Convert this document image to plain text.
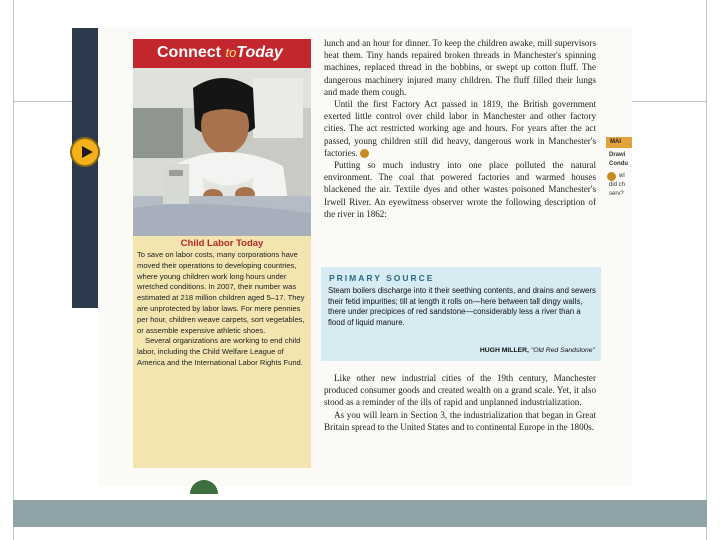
Connect toToday
Child Labor Today
To save on labor costs, many corporations have moved their operations to developing countries, where young children work long hours under wretched conditions. In 2007, their number was estimated at 218 million children aged 5–17. They are unprotected by labor laws. For mere pennies per hour, children weave carpets, sort vegetables, or assemble expensive athletic shoes.
Several organizations are working to end child labor, including the Child Welfare League of America and the International Labor Rights Fund.

lunch and an hour for dinner. To keep the children awake, mill supervisors beat them. Tiny hands repaired broken threads in Manchester's spinning machines, replaced thread in the bobbins, or swept up cotton fluff. The dangerous machinery injured many children. The fluff filled their lungs and made them cough.

Until the first Factory Act passed in 1819, the British government exerted little control over child labor in Manchester and other factory cities. The act restricted working age and hours. For years after the act passed, young children still did heavy, dangerous work in Manchester's factories. G

Putting so much industry into one place polluted the natural environment. The coal that powered factories and warmed houses blackened the air. Textile dyes and other wastes poisoned Manchester's Irwell River. An eyewitness observer wrote the following description of the river in 1862:

PRIMARY SOURCE
Steam boilers discharge into it their seething contents, and drains and sewers their fetid impurities; till at length it rolls on—here between tall dingy walls, there under precipices of red sandstone—considerably less a river than a flood of liquid manure.
HUGH MILLER, "Old Red Sandstone"

Like other new industrial cities of the 19th century, Manchester produced consumer goods and created wealth on a grand scale. Yet, it also stood as a reminder of the ills of rapid and unplanned industrialization.

As you will learn in Section 3, the industrialization that began in Great Britain spread to the United States and to continental Europe in the 1800s.

MAI
Drawi
Condu
wl
did ch
serv?
